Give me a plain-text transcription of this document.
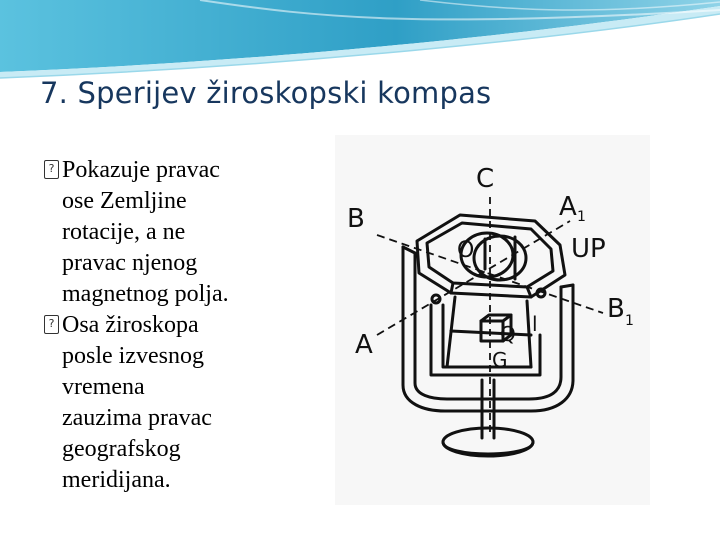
7. Sperijev žiroskopski kompas
? Pokazuje pravac
ose Zemljine
rotacije, a ne
pravac njenog
magnetnog polja.
? Osa žiroskopa
posle izvesnog
vremena
zauzima pravac
geografskog
meridijana.
C
B	A 1
UP
B 1
A
O
Q
G
l
